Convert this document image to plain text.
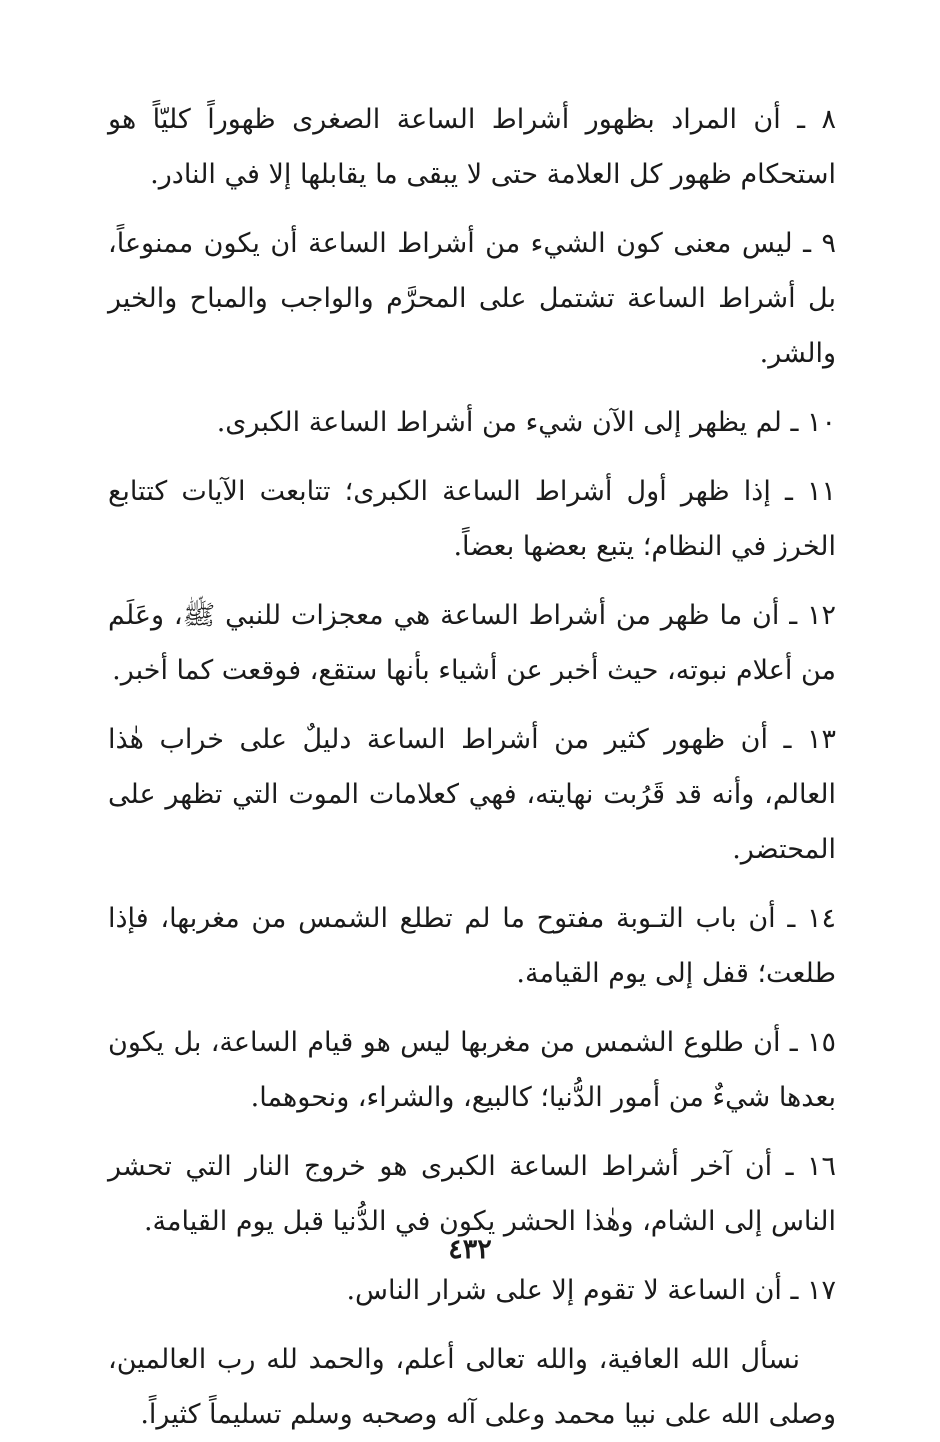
٨ ـ أن المراد بظهور أشراط الساعة الصغرى ظهوراً كليّاً هو استحكام ظهور كل العلامة حتى لا يبقى ما يقابلها إلا في النادر.

٩ ـ ليس معنى كون الشيء من أشراط الساعة أن يكون ممنوعاً، بل أشراط الساعة تشتمل على المحرَّم والواجب والمباح والخير والشر.

١٠ ـ لم يظهر إلى الآن شيء من أشراط الساعة الكبرى.

١١ ـ إذا ظهر أول أشراط الساعة الكبرى؛ تتابعت الآيات كتتابع الخرز في النظام؛ يتبع بعضها بعضاً.

١٢ ـ أن ما ظهر من أشراط الساعة هي معجزات للنبي ﷺ، وعَلَم من أعلام نبوته، حيث أخبر عن أشياء بأنها ستقع، فوقعت كما أخبر.

١٣ ـ أن ظهور كثير من أشراط الساعة دليلٌ على خراب هٰذا العالم، وأنه قد قَرُبت نهايته، فهي كعلامات الموت التي تظهر على المحتضر.

١٤ ـ أن باب التـوبة مفتوح ما لم تطلع الشمس من مغربها، فإذا طلعت؛ قفل إلى يوم القيامة.

١٥ ـ أن طلوع الشمس من مغربها ليس هو قيام الساعة، بل يكون بعدها شيءٌ من أمور الدُّنيا؛ كالبيع، والشراء، ونحوهما.

١٦ ـ أن آخر أشراط الساعة الكبرى هو خروج النار التي تحشر الناس إلى الشام، وهٰذا الحشر يكون في الدُّنيا قبل يوم القيامة.

١٧ ـ أن الساعة لا تقوم إلا على شرار الناس.

نسأل الله العافية، والله تعالى أعلم، والحمد لله رب العالمين، وصلى الله على نبيا محمد وعلى آله وصحبه وسلم تسليماً كثيراً.

٤٣٢
